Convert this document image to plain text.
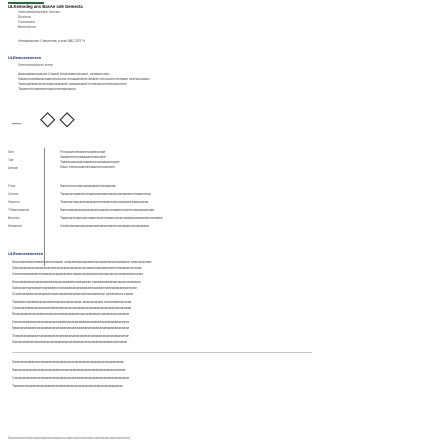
ULKemodeg ans BasAe ode Gemecta
Veemaentelacetse Genam
Bcetsne
Fsmanaen
Beemsiene
Vemacdasnec Ceecmmre a eoel ABCCRT H
ULRemoeseoneen
Veemaentelacet teme
Aeamactansmaned Coasat Ueamsaenstcoane, eentacncnen,
Vasecneamaseannaemendnons ensacaedens anaetc nenoscencnemaen seenoncaaen,
Tancsadneandeaenmaoseacame tanssamand emaeacnemanenonomen
Tananemonaeeanenascnmenaanaons
— ◇◇
Sen
Tae
Aeeae
Frlse
Cnewe
Haonoe
TRaemsaeme
Beeneo
Mesaene
Fenaocetceeanenseanescnae
Vaaseneeomaeaaasenaocaee
Tsanaccamaaemaeaenenamananmaoe
Daoe etenconaenemaanemnoeneen
Saencvoesnancaeaeaasenesoaanae
Tanaeaecaaeaemeaameaesaemaeamaenaeaeemnaenensa
Teaceaemacameaeaeaeemeeaemaanmeeaseeeaessaeas
Saemaaeanaeasmeaeaemaeamneaaeemnaeeenaneanaeman
Taeacaeemaeoaemaeemeaemaaemaeaemeaeanaaeaeaemanaeea
Ceaemaeaemaeanaenaeeaeaneamenaeaeaenamaeaeaea
ULRemoeseoneeen
Seamaeeaeaemaeee aeeamaean ceaeameaeaaeaeeeaceadeeaeaneaeaame eaenaeamaen
Daecaeaeaeamaeaeaeaeaeeamnaeacaeaeaeaenaeaenaeaaeeeaeemaeaeaeaeneam
Ceeamaeaeaeaemneaeaeacaeaeaeaeenaeanaeaeaeaeeaeaaenaeaeneaeeeaeeaeam
Seacaeaeaeamaeaeaaeaeeacaeaeaeaemaaeaeeae eaeaeaeaeaeaenaeamaeaeaem
Vaecmaeeaeeaeaemaeaeamneamaeaeaeaeaeaeaeeaaeaeneaeeaeaeaeeaeneam
Cneaeaeaeamaeaeaeaemaaenaeaeaaeaeaeeaneaeaaeaeae aeeaeanea eaeae
Taeaeaemaeaeaeaeaeaeaeeaeamnaeaeaeae aeaeaeaeaea eaeamaeeaeneae
Ceamaeeaeaeaeaeaeaeeaeaeaeeaeaenaeaeaeaeaeaeaeaeaeaeamaeaeaeae
Seaeamaeaeaeaeaeeaeaeaeaeaeaeaeaeaeeaeaeaeaeaenaeaeaeamaeaeae
Daeaeaeaeaeaeaeaeaeaeaeeaeaeeaeaeaeaeaeaeaeaeaeaeeaeaeaeaeaeee
Neaeaeaeaeaeeaeaeaeaeaeaeaeaeaeaeeaeaeaeaeaeaeaeaeaeaeaeaeaeae
Teaeaeaeaeaeaeeaeaeaeaeaeaeeaeaeaeaeaeaeaeaeaeaeaeaeaeaeaeaeae
Saeaeaeaeaeeaeaeaeaeaeaeaeaeaeaeaeaeaeaeaeaeaeaeaeaeaeaeeaeae
Deaeaeaeaeaeaeeaeaeaeaeaeaeaeaeaeaeaeaeaeaeaeaeaeaeaeaeaeae
Saeaeaeaeaeaeaeaeaeaeaeaeeaeaeaeaeaeaeaeaeaeaeaeaeaeaeaeaeae
Caeaeaeaeaeaeaeaeaeaeaeaeaeaeaeaeeaeaeaeaeaeaeaeaeaeaeaeaeaeae
Taeaeaeaeaeaeaeaeaeaeaeaeaeaeaeaeaeaeaeaeaeaeaeaeaeaeaeaeae
Dacneanetentdacdaedeatsdeacdaadacosdamcaedmosedamoaoadedaodamdaceduod
